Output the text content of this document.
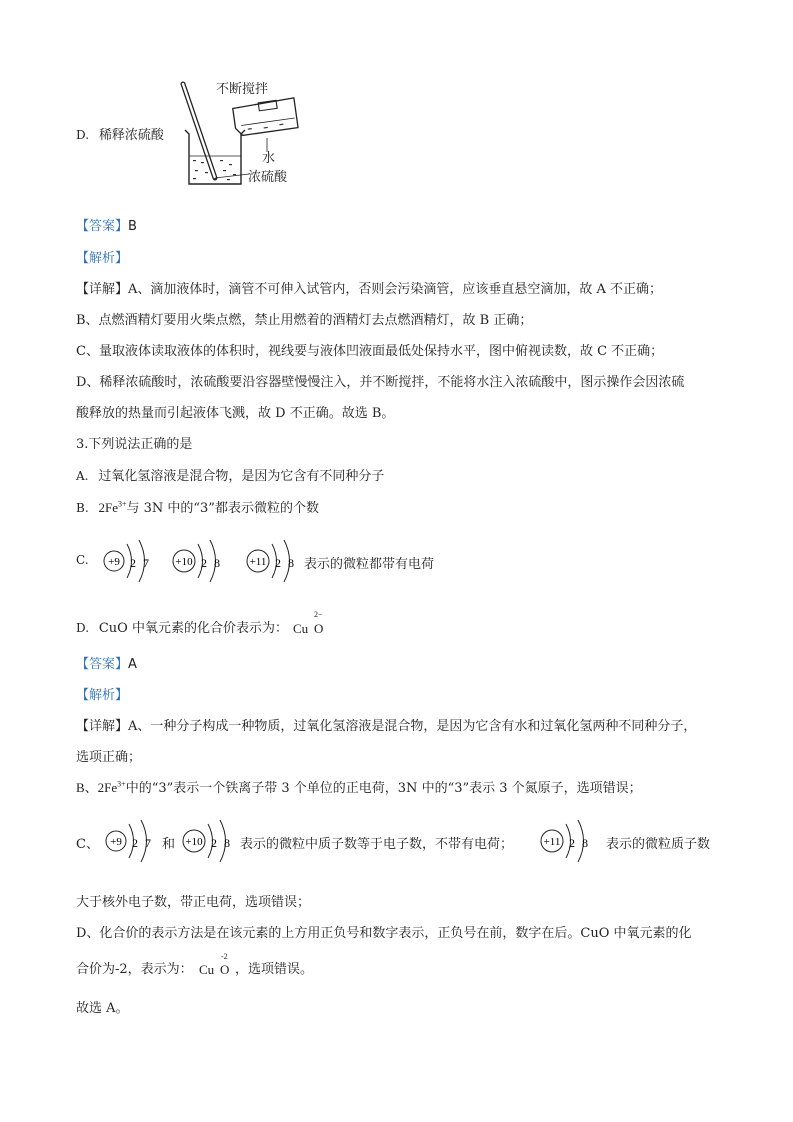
D. 稀释浓硫酸
不断搅拌
水
浓硫酸
【答案】B
【解析】
【详解】A、滴加液体时，滴管不可伸入试管内，否则会污染滴管，应该垂直悬空滴加，故 A 不正确；
B、点燃酒精灯要用火柴点燃，禁止用燃着的酒精灯去点燃酒精灯，故 B 正确；
C、量取液体读取液体的体积时，视线要与液体凹液面最低处保持水平，图中俯视读数，故 C 不正确；
D、稀释浓硫酸时，浓硫酸要沿容器壁慢慢注入，并不断搅拌，不能将水注入浓硫酸中，图示操作会因浓硫
酸释放的热量而引起液体飞溅，故 D 不正确。故选 B。
3.下列说法正确的是
A. 过氧化氢溶液是混合物，是因为它含有不同种分子
B. $2Fe^{3+}$与 3N 中的“3”都表示微粒的个数
C. +9 2 7 +10 2 8	+11 2 8 表示的微粒都带有电荷
D. CuO 中氧元素的化合价表示为： Cu O
2−
【答案】A
【解析】
【详解】A、一种分子构成一种物质，过氧化氢溶液是混合物，是因为它含有水和过氧化氢两种不同种分子，
选项正确；
B、$2Fe^{3+}$中的“3”表示一个铁离子带 3 个单位的正电荷，3N 中的“3”表示 3 个氮原子，选项错误；
C、 +9 2 7 和 +10 2 8 表示的微粒中质子数等于电子数，不带有电荷；	+11 2 8 表示的微粒质子数
大于核外电子数，带正电荷，选项错误；
D、化合价的表示方法是在该元素的上方用正负号和数字表示，正负号在前，数字在后。CuO 中氧元素的化
合价为-2，表示为： Cu O
-2
，选项错误。
故选 A。
